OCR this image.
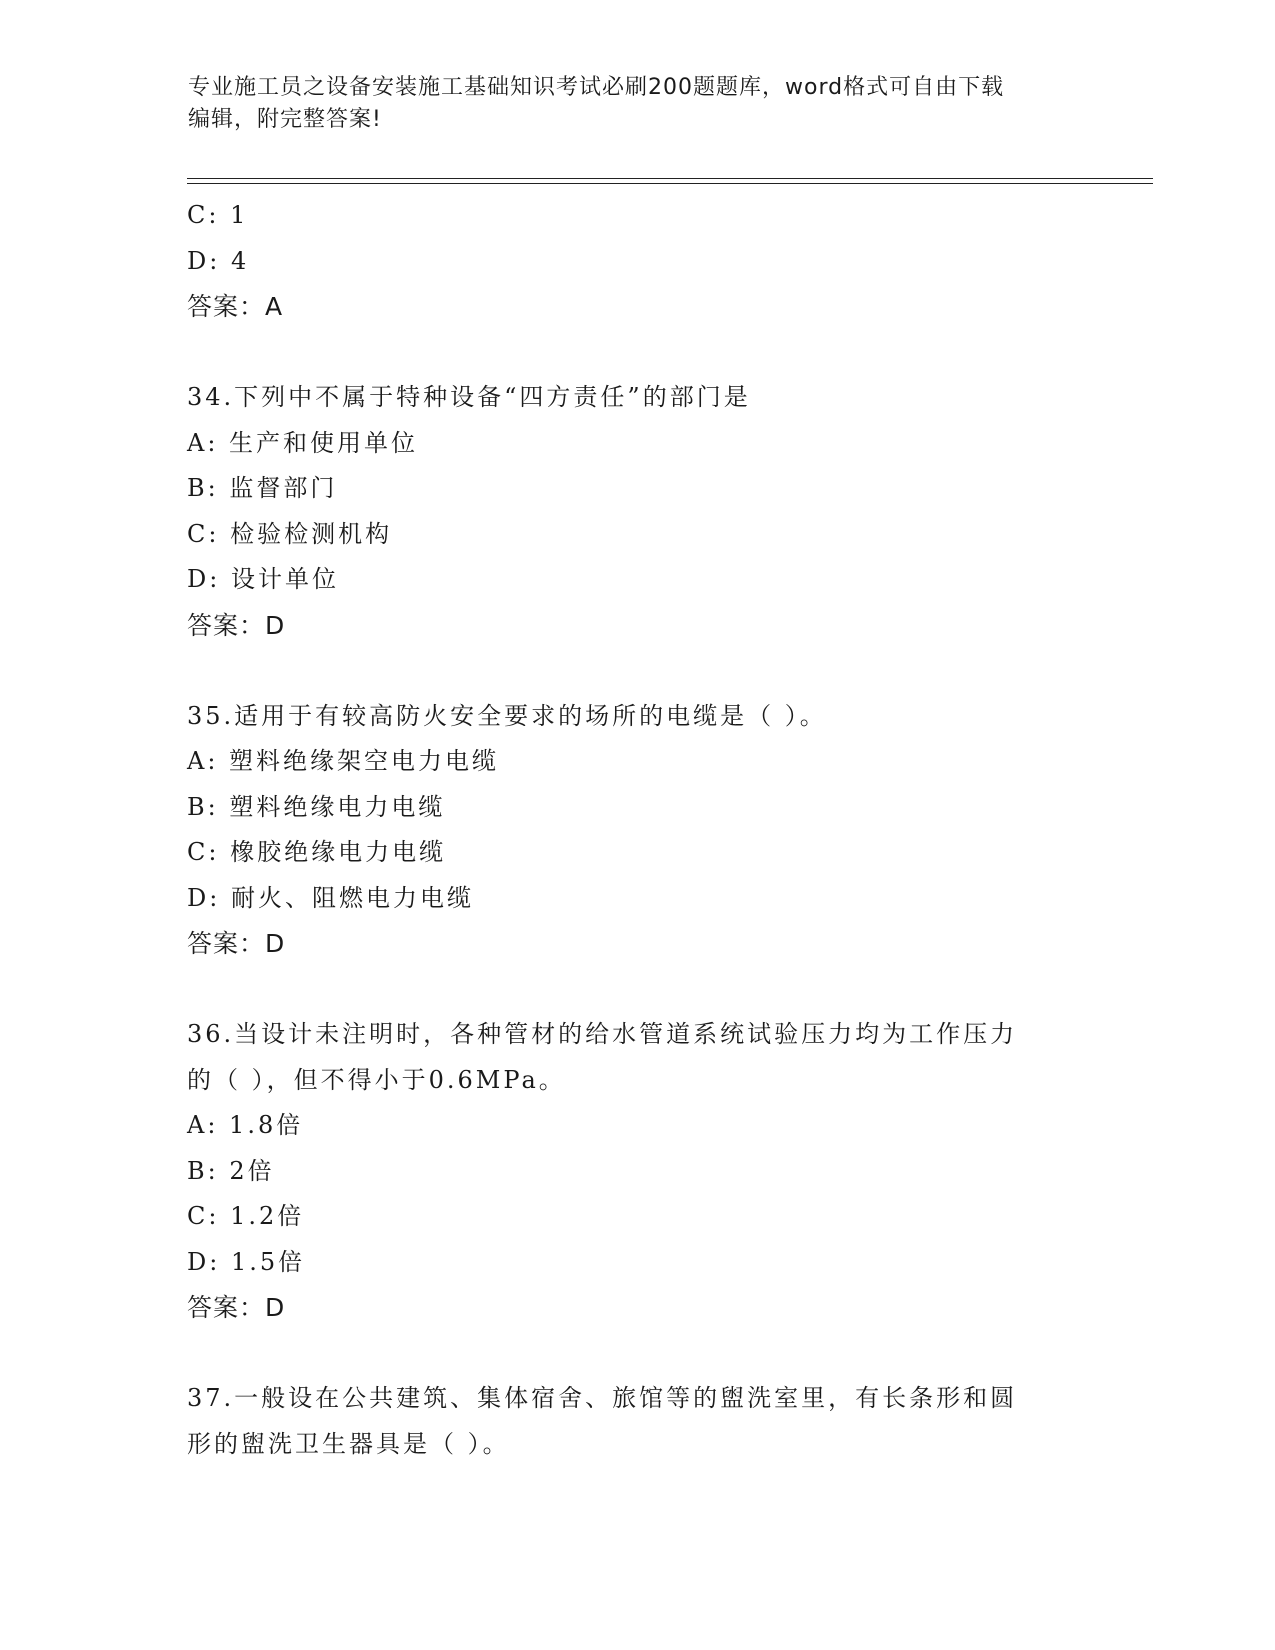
专业施工员之设备安装施工基础知识考试必刷200题题库，word格式可自由下载
编辑，附完整答案!
C: 1
D: 4
答案：A
34.下列中不属于特种设备“四方责任”的部门是
A: 生产和使用单位
B: 监督部门
C: 检验检测机构
D: 设计单位
答案：D
35.适用于有较高防火安全要求的场所的电缆是（ ）。
A: 塑料绝缘架空电力电缆
B: 塑料绝缘电力电缆
C: 橡胶绝缘电力电缆
D: 耐火、阻燃电力电缆
答案：D
36.当设计未注明时，各种管材的给水管道系统试验压力均为工作压力
的（ ），但不得小于0.6MPa。
A: 1.8倍
B: 2倍
C: 1.2倍
D: 1.5倍
答案：D
37.一般设在公共建筑、集体宿舍、旅馆等的盥洗室里，有长条形和圆
形的盥洗卫生器具是（ ）。
